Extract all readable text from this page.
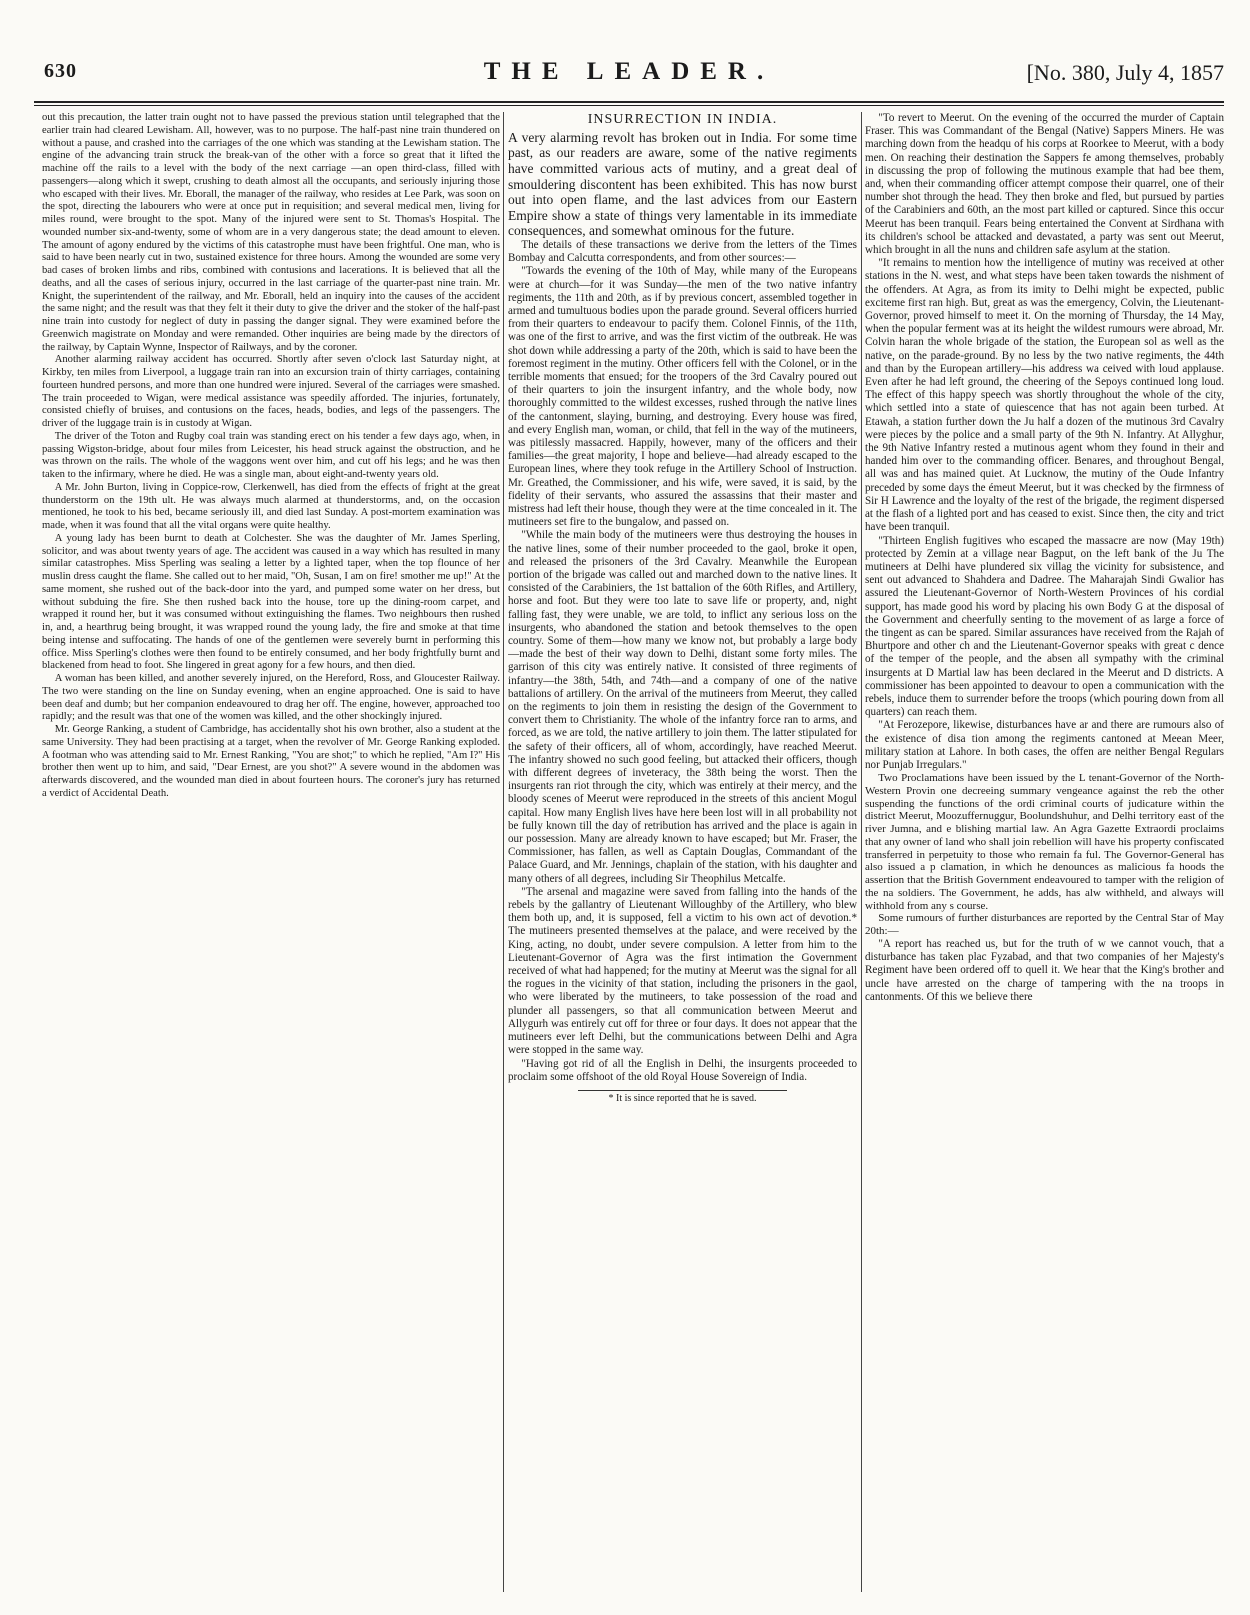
630	THE LEADER.	[No. 380, July 4, 1857

out this precaution, the latter train ought not to have passed the previous station until telegraphed that the earlier train had cleared Lewisham. All, however, was to no purpose. The half-past nine train thundered on without a pause, and crashed into the carriages of the one which was standing at the Lewisham station. The engine of the advancing train struck the break-van of the other with a force so great that it lifted the machine off the rails to a level with the body of the next carriage —an open third-class, filled with passengers—along which it swept, crushing to death almost all the occupants, and seriously injuring those who escaped with their lives. Mr. Eborall, the manager of the railway, who resides at Lee Park, was soon on the spot, directing the labourers who were at once put in requisition; and several medical men, living for miles round, were brought to the spot. Many of the injured were sent to St. Thomas's Hospital. The wounded number six-and-twenty, some of whom are in a very dangerous state; the dead amount to eleven. The amount of agony endured by the victims of this catastrophe must have been frightful. One man, who is said to have been nearly cut in two, sustained existence for three hours. Among the wounded are some very bad cases of broken limbs and ribs, combined with contusions and lacerations. It is believed that all the deaths, and all the cases of serious injury, occurred in the last carriage of the quarter-past nine train. Mr. Knight, the superintendent of the railway, and Mr. Eborall, held an inquiry into the causes of the accident the same night; and the result was that they felt it their duty to give the driver and the stoker of the half-past nine train into custody for neglect of duty in passing the danger signal. They were examined before the Greenwich magistrate on Monday and were remanded. Other inquiries are being made by the directors of the railway, by Captain Wynne, Inspector of Railways, and by the coroner.

Another alarming railway accident has occurred. Shortly after seven o'clock last Saturday night, at Kirkby, ten miles from Liverpool, a luggage train ran into an excursion train of thirty carriages, containing fourteen hundred persons, and more than one hundred were injured. Several of the carriages were smashed. The train proceeded to Wigan, were medical assistance was speedily afforded. The injuries, fortunately, consisted chiefly of bruises, and contusions on the faces, heads, bodies, and legs of the passengers. The driver of the luggage train is in custody at Wigan.

The driver of the Toton and Rugby coal train was standing erect on his tender a few days ago, when, in passing Wigston-bridge, about four miles from Leicester, his head struck against the obstruction, and he was thrown on the rails. The whole of the waggons went over him, and cut off his legs; and he was then taken to the infirmary, where he died. He was a single man, about eight-and-twenty years old.

A Mr. John Burton, living in Coppice-row, Clerkenwell, has died from the effects of fright at the great thunderstorm on the 19th ult. He was always much alarmed at thunderstorms, and, on the occasion mentioned, he took to his bed, became seriously ill, and died last Sunday. A post-mortem examination was made, when it was found that all the vital organs were quite healthy.

A young lady has been burnt to death at Colchester. She was the daughter of Mr. James Sperling, solicitor, and was about twenty years of age. The accident was caused in a way which has resulted in many similar catastrophes. Miss Sperling was sealing a letter by a lighted taper, when the top flounce of her muslin dress caught the flame. She called out to her maid, "Oh, Susan, I am on fire! smother me up!" At the same moment, she rushed out of the back-door into the yard, and pumped some water on her dress, but without subduing the fire. She then rushed back into the house, tore up the dining-room carpet, and wrapped it round her, but it was consumed without extinguishing the flames. Two neighbours then rushed in, and, a hearthrug being brought, it was wrapped round the young lady, the fire and smoke at that time being intense and suffocating. The hands of one of the gentlemen were severely burnt in performing this office. Miss Sperling's clothes were then found to be entirely consumed, and her body frightfully burnt and blackened from head to foot. She lingered in great agony for a few hours, and then died.

A woman has been killed, and another severely injured, on the Hereford, Ross, and Gloucester Railway. The two were standing on the line on Sunday evening, when an engine approached. One is said to have been deaf and dumb; but her companion endeavoured to drag her off. The engine, however, approached too rapidly; and the result was that one of the women was killed, and the other shockingly injured.

Mr. George Ranking, a student of Cambridge, has accidentally shot his own brother, also a student at the same University. They had been practising at a target, when the revolver of Mr. George Ranking exploded. A footman who was attending said to Mr. Ernest Ranking, "You are shot;" to which he replied, "Am I?" His brother then went up to him, and said, "Dear Ernest, are you shot?" A severe wound in the abdomen was afterwards discovered, and the wounded man died in about fourteen hours. The coroner's jury has returned a verdict of Accidental Death.

INSURRECTION IN INDIA.

A very alarming revolt has broken out in India. For some time past, as our readers are aware, some of the native regiments have committed various acts of mutiny, and a great deal of smouldering discontent has been exhibited. This has now burst out into open flame, and the last advices from our Eastern Empire show a state of things very lamentable in its immediate consequences, and somewhat ominous for the future.

The details of these transactions we derive from the letters of the Times Bombay and Calcutta correspondents, and from other sources:—

"Towards the evening of the 10th of May, while many of the Europeans were at church—for it was Sunday—the men of the two native infantry regiments, the 11th and 20th, as if by previous concert, assembled together in armed and tumultuous bodies upon the parade ground. Several officers hurried from their quarters to endeavour to pacify them. Colonel Finnis, of the 11th, was one of the first to arrive, and was the first victim of the outbreak. He was shot down while addressing a party of the 20th, which is said to have been the foremost regiment in the mutiny. Other officers fell with the Colonel, or in the terrible moments that ensued; for the troopers of the 3rd Cavalry poured out of their quarters to join the insurgent infantry, and the whole body, now thoroughly committed to the wildest excesses, rushed through the native lines of the cantonment, slaying, burning, and destroying. Every house was fired, and every English man, woman, or child, that fell in the way of the mutineers, was pitilessly massacred. Happily, however, many of the officers and their families—the great majority, I hope and believe—had already escaped to the European lines, where they took refuge in the Artillery School of Instruction. Mr. Greathed, the Commissioner, and his wife, were saved, it is said, by the fidelity of their servants, who assured the assassins that their master and mistress had left their house, though they were at the time concealed in it. The mutineers set fire to the bungalow, and passed on.

"While the main body of the mutineers were thus destroying the houses in the native lines, some of their number proceeded to the gaol, broke it open, and released the prisoners of the 3rd Cavalry. Meanwhile the European portion of the brigade was called out and marched down to the native lines. It consisted of the Carabiniers, the 1st battalion of the 60th Rifles, and Artillery, horse and foot. But they were too late to save life or property, and, night falling fast, they were unable, we are told, to inflict any serious loss on the insurgents, who abandoned the station and betook themselves to the open country. Some of them—how many we know not, but probably a large body—made the best of their way down to Delhi, distant some forty miles. The garrison of this city was entirely native. It consisted of three regiments of infantry—the 38th, 54th, and 74th—and a company of one of the native battalions of artillery. On the arrival of the mutineers from Meerut, they called on the regiments to join them in resisting the design of the Government to convert them to Christianity. The whole of the infantry force ran to arms, and forced, as we are told, the native artillery to join them. The latter stipulated for the safety of their officers, all of whom, accordingly, have reached Meerut. The infantry showed no such good feeling, but attacked their officers, though with different degrees of inveteracy, the 38th being the worst. Then the insurgents ran riot through the city, which was entirely at their mercy, and the bloody scenes of Meerut were reproduced in the streets of this ancient Mogul capital. How many English lives have here been lost will in all probability not be fully known till the day of retribution has arrived and the place is again in our possession. Many are already known to have escaped; but Mr. Fraser, the Commissioner, has fallen, as well as Captain Douglas, Commandant of the Palace Guard, and Mr. Jennings, chaplain of the station, with his daughter and many others of all degrees, including Sir Theophilus Metcalfe.

"The arsenal and magazine were saved from falling into the hands of the rebels by the gallantry of Lieutenant Willoughby of the Artillery, who blew them both up, and, it is supposed, fell a victim to his own act of devotion.* The mutineers presented themselves at the palace, and were received by the King, acting, no doubt, under severe compulsion. A letter from him to the Lieutenant-Governor of Agra was the first intimation the Government received of what had happened; for the mutiny at Meerut was the signal for all the rogues in the vicinity of that station, including the prisoners in the gaol, who were liberated by the mutineers, to take possession of the road and plunder all passengers, so that all communication between Meerut and Allygurh was entirely cut off for three or four days. It does not appear that the mutineers ever left Delhi, but the communications between Delhi and Agra were stopped in the same way.

"Having got rid of all the English in Delhi, the insurgents proceeded to proclaim some offshoot of the old Royal House Sovereign of India.

* It is since reported that he is saved.

"To revert to Meerut. On the evening of the occurred the murder of Captain Fraser. This was Commandant of the Bengal (Native) Sappers Miners. He was marching down from the headqu of his corps at Roorkee to Meerut, with a body men. On reaching their destination the Sappers fe among themselves, probably in discussing the prop of following the mutinous example that had bee them, and, when their commanding officer attempt compose their quarrel, one of their number shot through the head. They then broke and fled, but pursued by parties of the Carabiniers and 60th, an the most part killed or captured. Since this occur Meerut has been tranquil. Fears being entertained the Convent at Sirdhana with its children's school be attacked and devastated, a party was sent out Meerut, which brought in all the nuns and children safe asylum at the station.

"It remains to mention how the intelligence of mutiny was received at other stations in the N. west, and what steps have been taken towards the nishment of the offenders. At Agra, as from its imity to Delhi might be expected, public exciteme first ran high. But, great as was the emergency, Colvin, the Lieutenant-Governor, proved himself to meet it. On the morning of Thursday, the 14 May, when the popular ferment was at its height the wildest rumours were abroad, Mr. Colvin haran the whole brigade of the station, the European sol as well as the native, on the parade-ground. By no less by the two native regiments, the 44th and than by the European artillery—his address wa ceived with loud applause. Even after he had left ground, the cheering of the Sepoys continued long loud. The effect of this happy speech was shortly throughout the whole of the city, which settled into a state of quiescence that has not again been turbed. At Etawah, a station further down the Ju half a dozen of the mutinous 3rd Cavalry were pieces by the police and a small party of the 9th N. Infantry. At Allyghur, the 9th Native Infantry rested a mutinous agent whom they found in their and handed him over to the commanding officer. Benares, and throughout Bengal, all was and has mained quiet. At Lucknow, the mutiny of the Oude Infantry preceded by some days the émeut Meerut, but it was checked by the firmness of Sir H Lawrence and the loyalty of the rest of the brigade, the regiment dispersed at the flash of a lighted port and has ceased to exist. Since then, the city and trict have been tranquil.

"Thirteen English fugitives who escaped the massacre are now (May 19th) protected by Zemin at a village near Bagput, on the left bank of the Ju The mutineers at Delhi have plundered six villag the vicinity for subsistence, and sent out advanced to Shahdera and Dadree. The Maharajah Sindi Gwalior has assured the Lieutenant-Governor of North-Western Provinces of his cordial support, has made good his word by placing his own Body G at the disposal of the Government and cheerfully senting to the movement of as large a force of the tingent as can be spared. Similar assurances have received from the Rajah of Bhurtpore and other ch and the Lieutenant-Governor speaks with great c dence of the temper of the people, and the absen all sympathy with the criminal insurgents at D Martial law has been declared in the Meerut and D districts. A commissioner has been appointed to deavour to open a communication with the rebels, induce them to surrender before the troops (which pouring down from all quarters) can reach them.

"At Ferozepore, likewise, disturbances have ar and there are rumours also of the existence of disa tion among the regiments cantoned at Meean Meer, military station at Lahore. In both cases, the offen are neither Bengal Regulars nor Punjab Irregulars."

Two Proclamations have been issued by the L tenant-Governor of the North-Western Provin one decreeing summary vengeance against the reb the other suspending the functions of the ordi criminal courts of judicature within the district Meerut, Moozuffernuggur, Boolundshuhur, and Delhi territory east of the river Jumna, and e blishing martial law. An Agra Gazette Extraordi proclaims that any owner of land who shall join rebellion will have his property confiscated transferred in perpetuity to those who remain fa ful. The Governor-General has also issued a p clamation, in which he denounces as malicious fa hoods the assertion that the British Government endeavoured to tamper with the religion of the na soldiers. The Government, he adds, has alw withheld, and always will withhold from any s course.

Some rumours of further disturbances are reported by the Central Star of May 20th:—

"A report has reached us, but for the truth of w we cannot vouch, that a disturbance has taken plac Fyzabad, and that two companies of her Majesty's Regiment have been ordered off to quell it. We hear that the King's brother and uncle have arrested on the charge of tampering with the na troops in cantonments. Of this we believe there
